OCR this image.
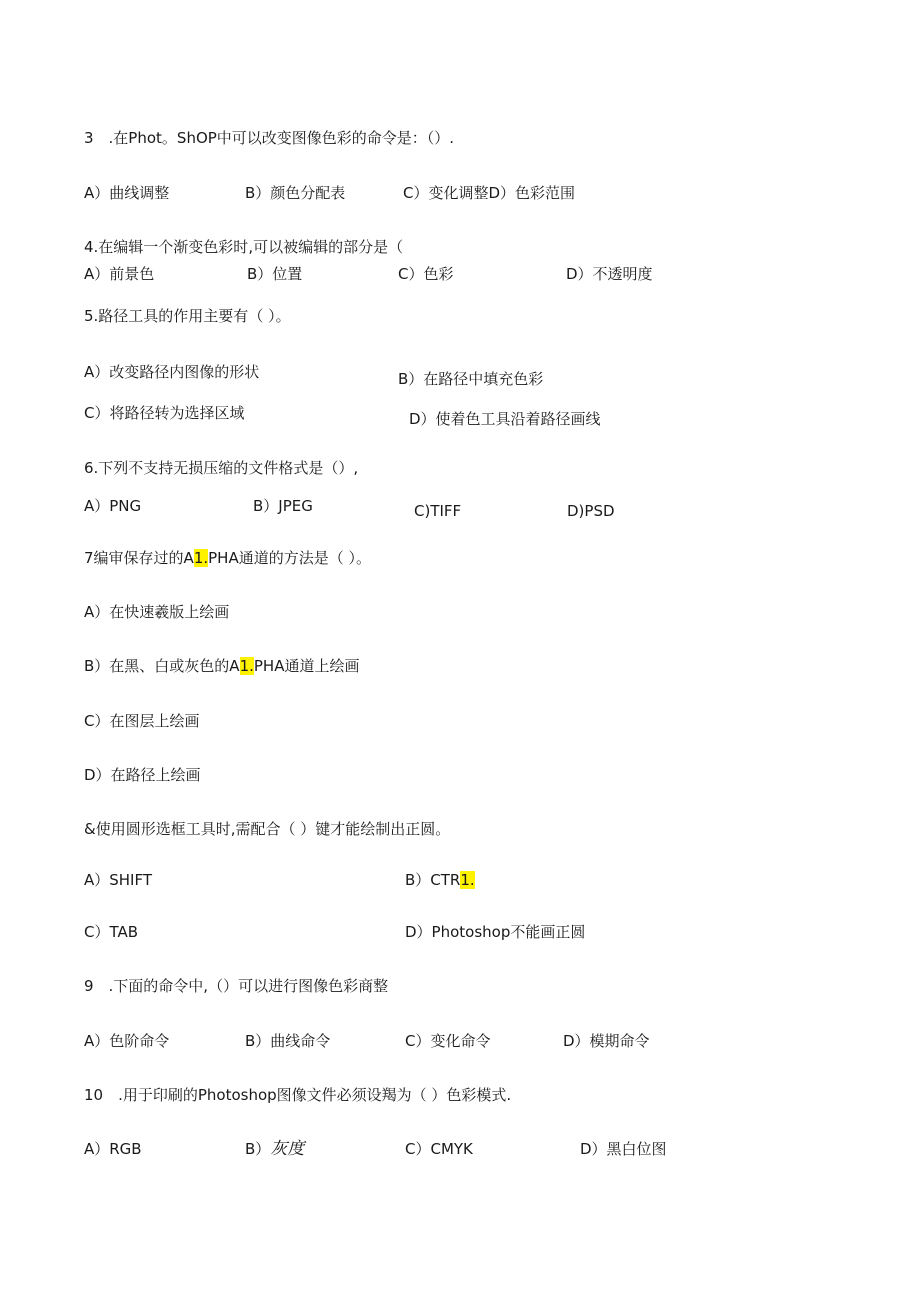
3　.在Phot。ShOP中可以改变图像色彩的命令是：（）.
A）曲线调整	B）颜色分配表	C）变化调整D）色彩范围
4.在编辑一个渐变色彩时,可以被编辑的部分是（
A）前景色	B）位置	C）色彩	D）不透明度
5.路径工具的作用主要有（ ）。
A）改变路径内图像的形状	B）在路径中填充色彩
C）将路径转为选择区域	D）使着色工具沿着路径画线
6.下列不支持无损压缩的文件格式是（）,
A）PNG	B）JPEG	C)TIFF	D)PSD
7编审保存过的A1.PHA通道的方法是（ ）。
A）在快速羲版上绘画
B）在黑、白或灰色的A1.PHA通道上绘画
C）在图层上绘画
D）在路径上绘画
&使用圆形选框工具时,需配合（ ）键才能绘制出正圆。
A）SHIFT	B）CTR1.
C）TAB	D）Photoshop不能画正圆
9　.下面的命令中,（）可以进行图像色彩商整
A）色阶命令	B）曲线命令	C）变化命令	D）模期命令
10　.用于印刷的Photoshop图像文件必须设羯为（ ）色彩模式.
A）RGB	B）灰度	C）CMYK	D）黑白位图
